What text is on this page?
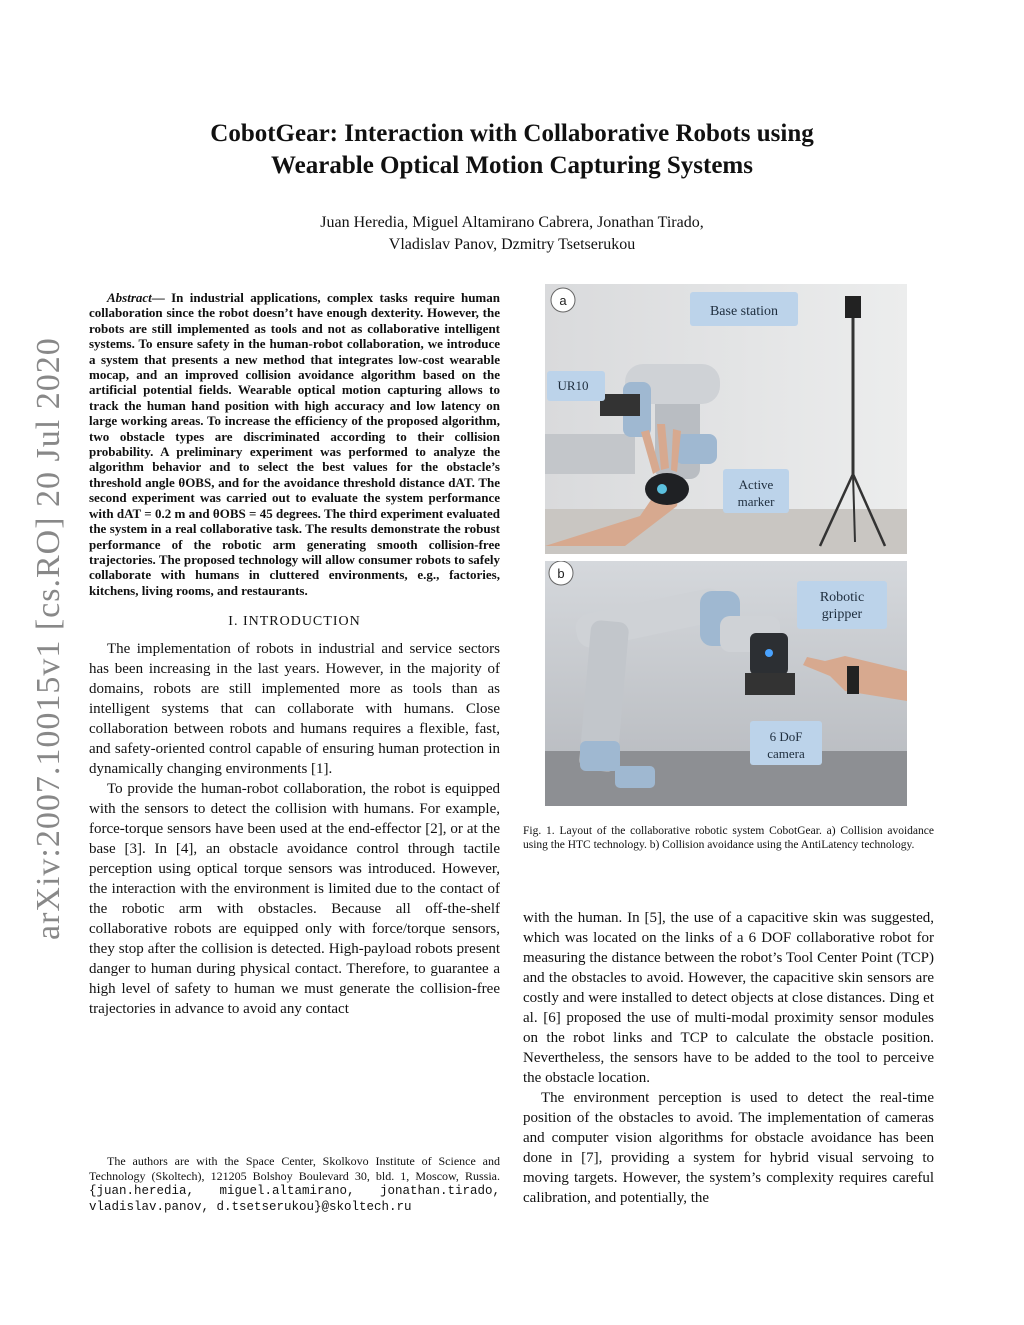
arXiv:2007.10015v1 [cs.RO] 20 Jul 2020
CobotGear: Interaction with Collaborative Robots using
Wearable Optical Motion Capturing Systems
Juan Heredia, Miguel Altamirano Cabrera, Jonathan Tirado,
Vladislav Panov, Dzmitry Tsetserukou

Abstract— In industrial applications, complex tasks require human collaboration since the robot doesn’t have enough dexterity. However, the robots are still implemented as tools and not as collaborative intelligent systems. To ensure safety in the human-robot collaboration, we introduce a system that presents a new method that integrates low-cost wearable mocap, and an improved collision avoidance algorithm based on the artificial potential fields. Wearable optical motion capturing allows to track the human hand position with high accuracy and low latency on large working areas. To increase the efficiency of the proposed algorithm, two obstacle types are discriminated according to their collision probability. A preliminary experiment was performed to analyze the algorithm behavior and to select the best values for the obstacle’s threshold angle θOBS, and for the avoidance threshold distance dAT. The second experiment was carried out to evaluate the system performance with dAT = 0.2 m and θOBS = 45 degrees. The third experiment evaluated the system in a real collaborative task. The results demonstrate the robust performance of the robotic arm generating smooth collision-free trajectories. The proposed technology will allow consumer robots to safely collaborate with humans in cluttered environments, e.g., factories, kitchens, living rooms, and restaurants.

I. INTRODUCTION

The implementation of robots in industrial and service sectors has been increasing in the last years. However, in the majority of domains, robots are still implemented more as tools than as intelligent systems that can collaborate with humans. Close collaboration between robots and humans requires a flexible, fast, and safety-oriented control capable of ensuring human protection in dynamically changing environments [1].

To provide the human-robot collaboration, the robot is equipped with the sensors to detect the collision with humans. For example, force-torque sensors have been used at the end-effector [2], or at the base [3]. In [4], an obstacle avoidance control through tactile perception using optical torque sensors was introduced. However, the interaction with the environment is limited due to the contact of the robotic arm with obstacles. Because all off-the-shelf collaborative robots are equipped only with force/torque sensors, they stop after the collision is detected. High-payload robots present danger to human during physical contact. Therefore, to guarantee a high level of safety to human we must generate the collision-free trajectories in advance to avoid any contact

The authors are with the Space Center, Skolkovo Institute of Science and Technology (Skoltech), 121205 Bolshoy Boulevard 30, bld. 1, Moscow, Russia. {juan.heredia, miguel.altamirano, jonathan.tirado, vladislav.panov, d.tsetserukou}@skoltech.ru
a
Base station
UR10
Active marker
b
Robotic gripper
6 DoF camera

Fig. 1. Layout of the collaborative robotic system CobotGear. a) Collision avoidance using the HTC technology. b) Collision avoidance using the AntiLatency technology.

with the human. In [5], the use of a capacitive skin was suggested, which was located on the links of a 6 DOF collaborative robot for measuring the distance between the robot’s Tool Center Point (TCP) and the obstacles to avoid. However, the capacitive skin sensors are costly and were installed to detect objects at close distances. Ding et al. [6] proposed the use of multi-modal proximity sensor modules on the robot links and TCP to calculate the obstacle position. Nevertheless, the sensors have to be added to the tool to perceive the obstacle location.

The environment perception is used to detect the real-time position of the obstacles to avoid. The implementation of cameras and computer vision algorithms for obstacle avoidance has been done in [7], providing a system for hybrid visual servoing to moving targets. However, the system’s complexity requires careful calibration, and potentially, the
